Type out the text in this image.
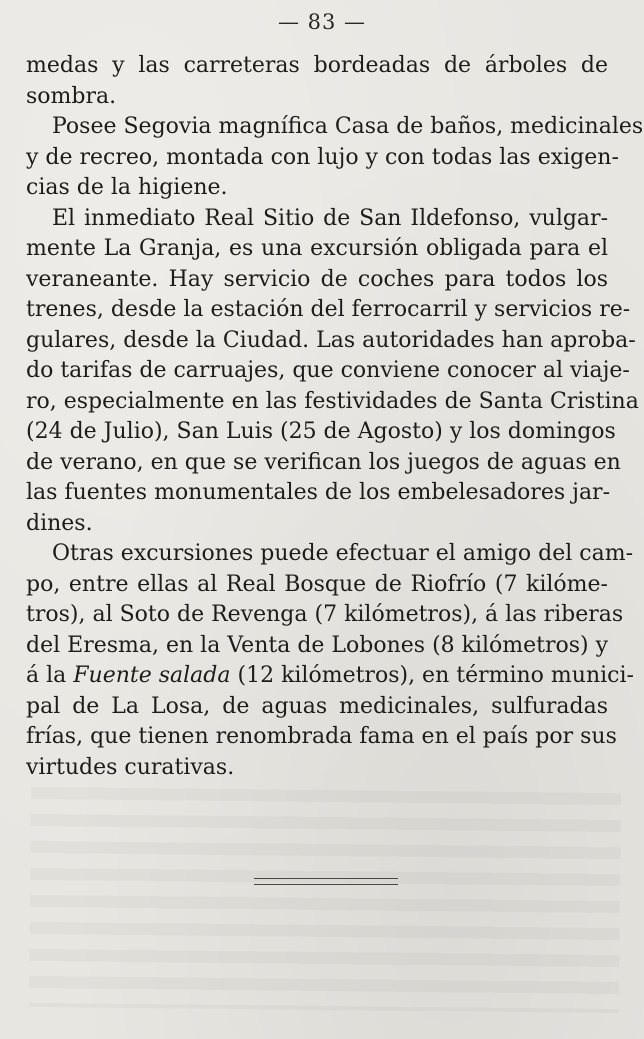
— 83 —
medas y las carreteras bordeadas de árboles de
sombra.
Posee Segovia magnífica Casa de baños, medicinales
y de recreo, montada con lujo y con todas las exigen-
cias de la higiene.
El inmediato Real Sitio de San Ildefonso, vulgar-
mente La Granja, es una excursión obligada para el
veraneante. Hay servicio de coches para todos los
trenes, desde la estación del ferrocarril y servicios re-
gulares, desde la Ciudad. Las autoridades han aproba-
do tarifas de carruajes, que conviene conocer al viaje-
ro, especialmente en las festividades de Santa Cristina
(24 de Julio), San Luis (25 de Agosto) y los domingos
de verano, en que se verifican los juegos de aguas en
las fuentes monumentales de los embelesadores jar-
dines.
Otras excursiones puede efectuar el amigo del cam-
po, entre ellas al Real Bosque de Riofrío (7 kilóme-
tros), al Soto de Revenga (7 kilómetros), á las riberas
del Eresma, en la Venta de Lobones (8 kilómetros) y
á la Fuente salada (12 kilómetros), en término munici-
pal de La Losa, de aguas medicinales, sulfuradas
frías, que tienen renombrada fama en el país por sus
virtudes curativas.
